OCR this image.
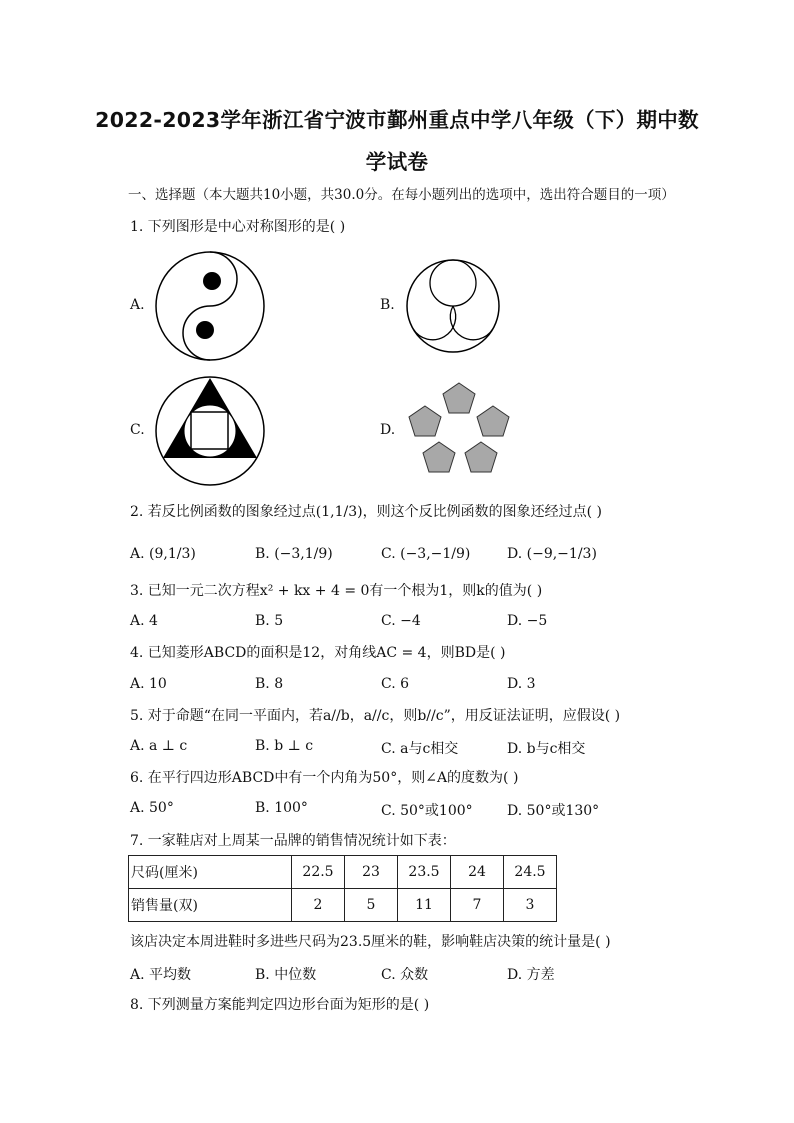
2022-2023学年浙江省宁波市鄞州重点中学八年级（下）期中数
学试卷
一、选择题（本大题共10小题，共30.0分。在每小题列出的选项中，选出符合题目的一项）
1. 下列图形是中心对称图形的是( )
A.	B.
C.	D.
2. 若反比例函数的图象经过点(1,1/3)，则这个反比例函数的图象还经过点( )
A. (9,1/3)	B. (−3,1/9)	C. (−3,−1/9)	D. (−9,−1/3)
3. 已知一元二次方程x² + kx + 4 = 0有一个根为1，则k的值为( )
A. 4	B. 5	C. −4	D. −5
4. 已知菱形ABCD的面积是12，对角线AC = 4，则BD是( )
A. 10	B. 8	C. 6	D. 3
5. 对于命题“在同一平面内，若a//b，a//c，则b//c”，用反证法证明，应假设( )
A. a ⊥ c	B. b ⊥ c	C. a与c相交	D. b与c相交
6. 在平行四边形ABCD中有一个内角为50°，则∠A的度数为( )
A. 50°	B. 100°	C. 50°或100° D. 50°或130°
7. 一家鞋店对上周某一品牌的销售情况统计如下表：
尺码(厘米)	22.5	23	23.5	24	24.5
销售量(双)	2	5	11	7	3
该店决定本周进鞋时多进些尺码为23.5厘米的鞋，影响鞋店决策的统计量是( )
A. 平均数	B. 中位数	C. 众数	D. 方差
8. 下列测量方案能判定四边形台面为矩形的是( )
